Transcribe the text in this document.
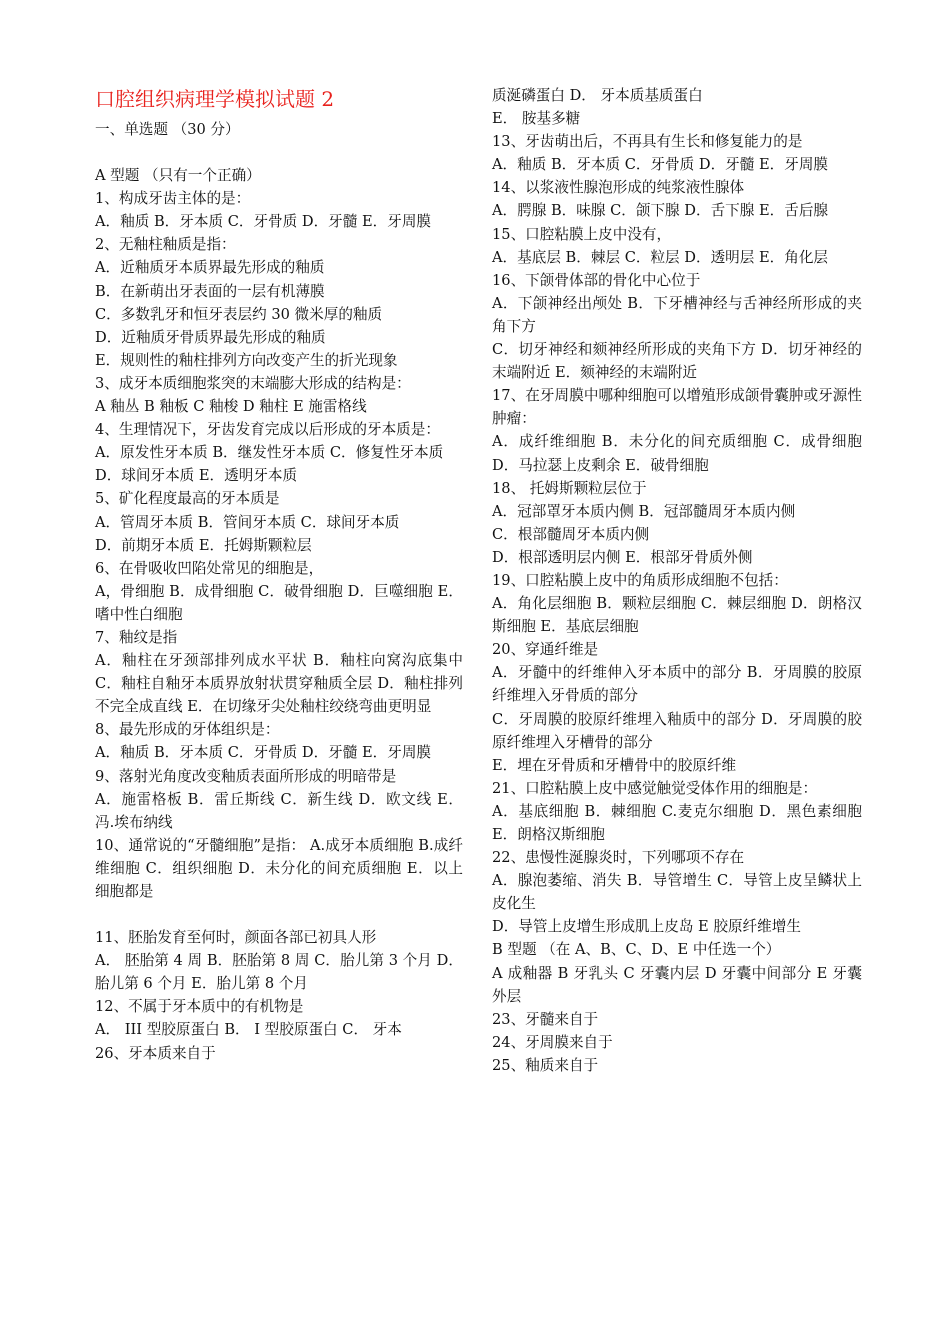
口腔组织病理学模拟试题 2

一、单选题 （30 分）

A 型题 （只有一个正确）

1、构成牙齿主体的是：

A．釉质 B．牙本质 C．牙骨质 D．牙髓 E．牙周膜

2、无釉柱釉质是指：

A．近釉质牙本质界最先形成的釉质

B．在新萌出牙表面的一层有机薄膜

C．多数乳牙和恒牙表层约 30 微米厚的釉质

D．近釉质牙骨质界最先形成的釉质

E．规则性的釉柱排列方向改变产生的折光现象

3、成牙本质细胞浆突的末端膨大形成的结构是：

A 釉丛 B 釉板 C 釉梭 D 釉柱 E 施雷格线

4、生理情况下，牙齿发育完成以后形成的牙本质是：

A．原发性牙本质 B．继发性牙本质 C．修复性牙本质

D．球间牙本质 E．透明牙本质

5、矿化程度最高的牙本质是

A．管周牙本质 B．管间牙本质 C．球间牙本质

D．前期牙本质 E．托姆斯颗粒层

6、在骨吸收凹陷处常见的细胞是，

A，骨细胞 B．成骨细胞 C．破骨细胞 D．巨噬细胞 E．嗜中性白细胞

7、釉纹是指

A．釉柱在牙颈部排列成水平状 B．釉柱向窝沟底集中 C．釉柱自釉牙本质界放射状贯穿釉质全层 D．釉柱排列不完全成直线 E．在切缘牙尖处釉柱绞绕弯曲更明显

8、最先形成的牙体组织是：

A．釉质 B．牙本质 C．牙骨质 D．牙髓 E．牙周膜

9、落射光角度改变釉质表面所形成的明暗带是

A．施雷格板 B．雷丘斯线 C．新生线 D．欧文线 E．冯.埃布纳线

10、通常说的“牙髓细胞”是指： A.成牙本质细胞 B.成纤维细胞 C．组织细胞 D．未分化的间充质细胞 E．以上细胞都是

11、胚胎发育至何时，颜面各部已初具人形

A． 胚胎第 4 周 B．胚胎第 8 周 C．胎儿第 3 个月 D．胎儿第 6 个月 E．胎儿第 8 个月

12、不属于牙本质中的有机物是

A． III 型胶原蛋白 B． I 型胶原蛋白 C． 牙本

26、牙本质来自于

质涎磷蛋白 D． 牙本质基质蛋白

E． 胺基多糖

13、牙齿萌出后，不再具有生长和修复能力的是

A．釉质 B．牙本质 C．牙骨质 D．牙髓 E．牙周膜

14、以浆液性腺泡形成的纯浆液性腺体

A．腭腺 B．味腺 C．颌下腺 D．舌下腺 E．舌后腺

15、口腔粘膜上皮中没有，

A．基底层 B．棘层 C．粒层 D．透明层 E．角化层

16、下颌骨体部的骨化中心位于

A．下颌神经出颅处 B．下牙槽神经与舌神经所形成的夹角下方

C．切牙神经和颏神经所形成的夹角下方 D．切牙神经的末端附近 E．颏神经的末端附近

17、在牙周膜中哪种细胞可以增殖形成颌骨囊肿或牙源性肿瘤：

A．成纤维细胞 B．未分化的间充质细胞 C．成骨细胞 D．马拉瑟上皮剩余 E．破骨细胞

18、 托姆斯颗粒层位于

A．冠部罩牙本质内侧 B．冠部髓周牙本质内侧

C．根部髓周牙本质内侧

D．根部透明层内侧 E．根部牙骨质外侧

19、口腔粘膜上皮中的角质形成细胞不包括：

A．角化层细胞 B．颗粒层细胞 C．棘层细胞 D．朗格汉斯细胞 E．基底层细胞

20、穿通纤维是

A．牙髓中的纤维伸入牙本质中的部分 B．牙周膜的胶原纤维埋入牙骨质的部分

C．牙周膜的胶原纤维埋入釉质中的部分 D．牙周膜的胶原纤维埋入牙槽骨的部分

E．埋在牙骨质和牙槽骨中的胶原纤维

21、口腔粘膜上皮中感觉触觉受体作用的细胞是：

A．基底细胞 B．棘细胞 C.麦克尔细胞 D．黑色素细胞 E．朗格汉斯细胞

22、患慢性涎腺炎时，下列哪项不存在

A．腺泡萎缩、消失 B．导管增生 C．导管上皮呈鳞状上皮化生

D．导管上皮增生形成肌上皮岛 E 胶原纤维增生

B 型题 （在 A、B、C、D、E 中任选一个）

A 成釉器 B 牙乳头 C 牙囊内层 D 牙囊中间部分 E 牙囊外层

23、牙髓来自于

24、牙周膜来自于

25、釉质来自于
